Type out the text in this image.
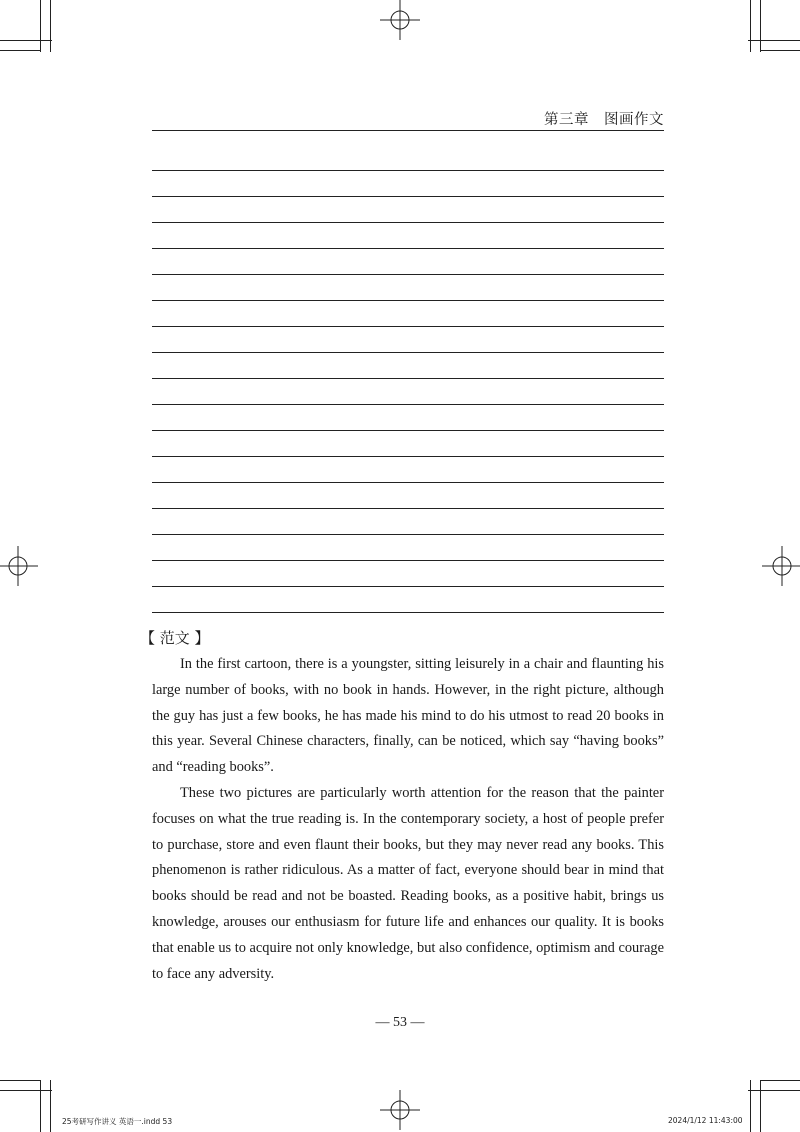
第三章　图画作文
【 范文 】

In the first cartoon, there is a youngster, sitting leisurely in a chair and flaunting his large number of books, with no book in hands. However, in the right picture, although the guy has just a few books, he has made his mind to do his utmost to read 20 books in this year. Several Chinese characters, finally, can be noticed, which say “having books” and “reading books”.

These two pictures are particularly worth attention for the reason that the painter focuses on what the true reading is. In the contemporary society, a host of people prefer to purchase, store and even flaunt their books, but they may never read any books. This phenomenon is rather ridiculous. As a matter of fact, everyone should bear in mind that books should be read and not be boasted. Reading books, as a positive habit, brings us knowledge, arouses our enthusiasm for future life and enhances our quality. It is books that enable us to acquire not only knowledge, but also confidence, optimism and courage to face any adversity.

— 53 —
25考研写作讲义 英语一.indd 53	2024/1/12 11:43:00
